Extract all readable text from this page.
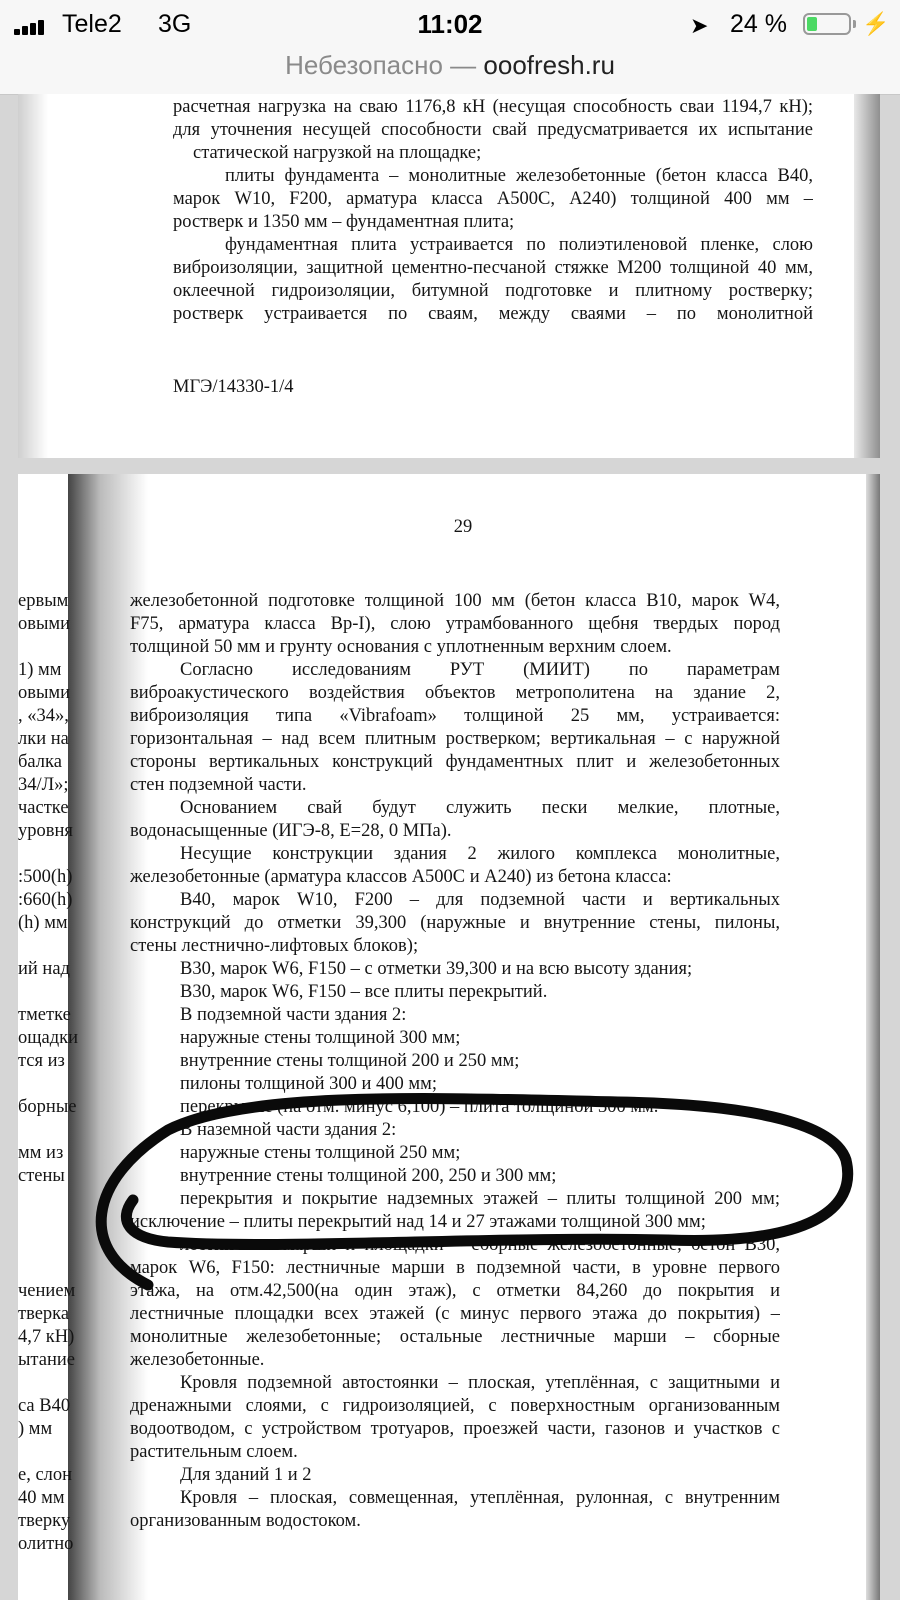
Tele2 3G	11:02	➤ 24 %	⚡
Небезопасно — ooofresh.ru
расчетная нагрузка на сваю 1176,8 кН (несущая способность сваи 1194,7 кН);
для уточнения несущей способности свай предусматривается их испытание
статической нагрузкой на площадке;
плиты фундамента – монолитные железобетонные (бетон класса В40,
марок W10, F200, арматура класса А500С, А240) толщиной 400 мм –
ростверк и 1350 мм – фундаментная плита;
фундаментная плита устраивается по полиэтиленовой пленке, слою
виброизоляции, защитной цементно-песчаной стяжке М200 толщиной 40 мм,
оклеечной гидроизоляции, битумной подготовке и плитному ростверку;
ростверк устраивается по сваям, между сваями – по монолитной
МГЭ/14330-1/4
29
ервым
овыми
1) мм
овыми
, «34»,
лки на
балка
34/Л»;
частке
уровня
:500(h)
:660(h)
(h) мм
ий над
тметке
ощадки
тся из
борные
мм из
стены
чением
тверка
4,7 кН)
ытание
са В40
) мм
е, слон
40 мм
тверку
олитно
железобетонной подготовке толщиной 100 мм (бетон класса В10, марок W4,
F75, арматура класса Вр-I), слою утрамбованного щебня твердых пород
толщиной 50 мм и грунту основания с уплотненным верхним слоем.
Согласно исследованиям РУТ (МИИТ) по параметрам
виброакустического воздействия объектов метрополитена на здание 2,
виброизоляция типа «Vibrafoam» толщиной 25 мм, устраивается:
горизонтальная – над всем плитным ростверком; вертикальная – с наружной
стороны вертикальных конструкций фундаментных плит и железобетонных
стен подземной части.
Основанием свай будут служить пески мелкие, плотные,
водонасыщенные (ИГЭ-8, Е=28, 0 МПа).
Несущие конструкции здания 2 жилого комплекса монолитные,
железобетонные (арматура классов А500С и А240) из бетона класса:
В40, марок W10, F200 – для подземной части и вертикальных
конструкций до отметки 39,300 (наружные и внутренние стены, пилоны,
стены лестнично-лифтовых блоков);
В30, марок W6, F150 – с отметки 39,300 и на всю высоту здания;
В30, марок W6, F150 – все плиты перекрытий.
В подземной части здания 2:
наружные стены толщиной 300 мм;
внутренние стены толщиной 200 и 250 мм;
пилоны толщиной 300 и 400 мм;
перекрытие (на отм. минус 6,100) – плита толщиной 300 мм.
В наземной части здания 2:
наружные стены толщиной 250 мм;
внутренние стены толщиной 200, 250 и 300 мм;
перекрытия и покрытие надземных этажей – плиты толщиной 200 мм;
исключение – плиты перекрытий над 14 и 27 этажами толщиной 300 мм;
лестничные марши и площадки – сборные железобетонные, бетон В30,
марок W6, F150: лестничные марши в подземной части, в уровне первого
этажа, на отм.42,500(на один этаж), с отметки 84,260 до покрытия и
лестничные площадки всех этажей (с минус первого этажа до покрытия) –
монолитные железобетонные; остальные лестничные марши – сборные
железобетонные.
Кровля подземной автостоянки – плоская, утеплённая, с защитными и
дренажными слоями, с гидроизоляцией, с поверхностным организованным
водоотводом, с устройством тротуаров, проезжей части, газонов и участков с
растительным слоем.
Для зданий 1 и 2
Кровля – плоская, совмещенная, утеплённая, рулонная, с внутренним
организованным водостоком.
